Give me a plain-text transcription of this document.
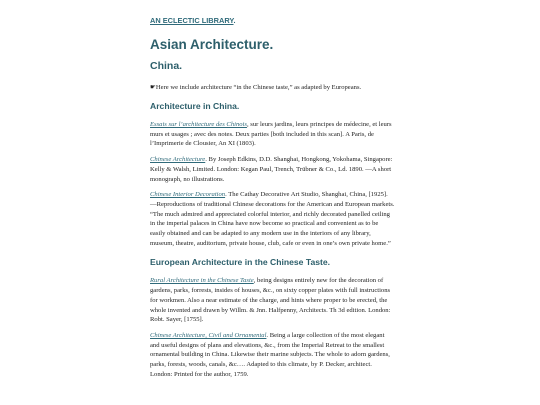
AN ECLECTIC LIBRARY.
Asian Architecture.
China.

☛Here we include architecture “in the Chinese taste,” as adapted by Europeans.

Architecture in China.

Essais sur l’architecture des Chinois, sur leurs jardins, leurs principes de médecine, et leurs murs et usages ; avec des notes. Deux parties [both included in this scan]. A Paris, de l’Imprimerie de Clousier, An XI (1803).

Chinese Architecture. By Joseph Edkins, D.D. Shanghai, Hongkong, Yokohama, Singapore: Kelly & Walsh, Limited. London: Kegan Paul, Trench, Trübner & Co., Ld. 1890. —A short monograph, no illustrations.

Chinese Interior Decoration. The Cathay Decorative Art Studio, Shanghai, China, [1925]. —Reproductions of traditional Chinese decorations for the American and European markets. “The much admired and appreciated colorful interior, and richly decorated panelled ceiling in the imperial palaces in China have now become so practical and convenient as to be easily obtained and can be adapted to any modern use in the interiors of any library, museum, theatre, auditorium, private house, club, cafe or even in one’s own private home.”

European Architecture in the Chinese Taste.

Rural Architecture in the Chinese Taste, being designs entirely new for the decoration of gardens, parks, forrests, insides of houses, &c., on sixty copper plates with full instructions for workmen. Also a near estimate of the charge, and hints where proper to be erected, the whole invented and drawn by Willm. & Jnn. Halfpenny, Architects. Th 3d edition. London: Robt. Sayer, [1755].

Chinese Architecture, Civil and Ornamental. Being a large collection of the most elegant and useful designs of plans and elevations, &c., from the Imperial Retreat to the smallest ornamental building in China. Likewise their marine subjects. The whole to adorn gardens, parks, forests, woods, canals, &c…. Adapted to this climate, by P. Decker, architect. London: Printed for the author, 1759.
